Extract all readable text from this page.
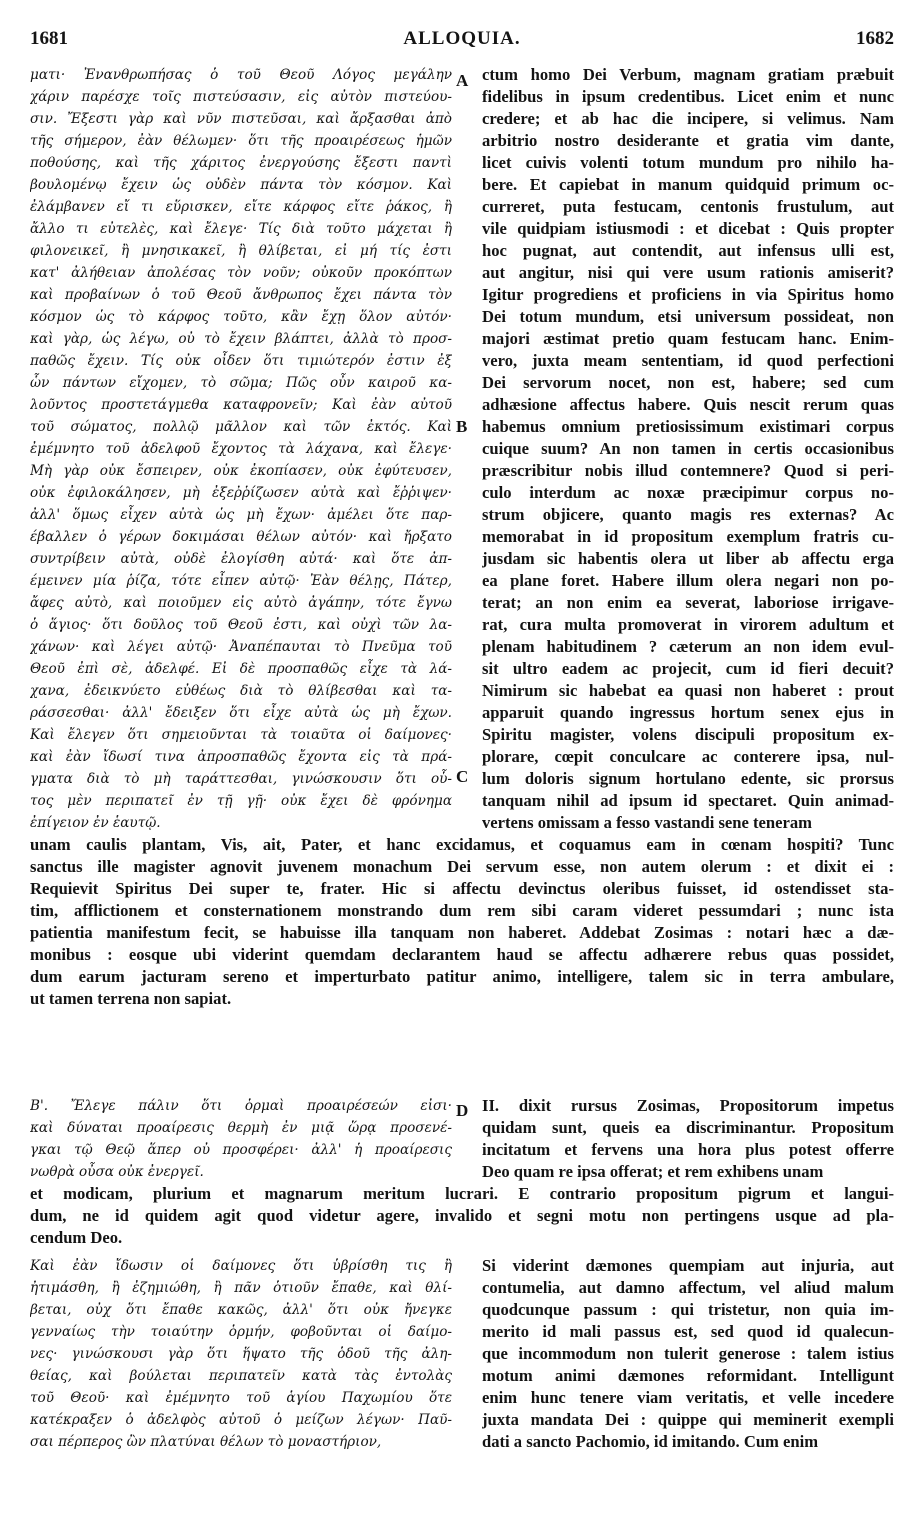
1681	ALLOQUIA.	1682
A
B
C
D
ματι· Ἐνανθρωπήσας ὁ τοῦ Θεοῦ Λόγος μεγάλην
χάριν παρέσχε τοῖς πιστεύσασιν, εἰς αὐτὸν πιστεύου-
σιν. Ἔξεστι γὰρ καὶ νῦν πιστεῦσαι, καὶ ἄρξασθαι ἀπὸ
τῆς σήμερον, ἐὰν θέλωμεν· ὅτι τῆς προαιρέσεως ἡμῶν
ποθούσης, καὶ τῆς χάριτος ἐνεργούσης ἔξεστι παντὶ
βουλομένῳ ἔχειν ὡς οὐδὲν πάντα τὸν κόσμον. Καὶ
ἐλάμβανεν εἴ τι εὕρισκεν, εἴτε κάρφος εἴτε ῥάκος, ἢ
ἄλλο τι εὐτελὲς, καὶ ἔλεγε· Τίς διὰ τοῦτο μάχεται ἢ
φιλονεικεῖ, ἢ μνησικακεῖ, ἢ θλίβεται, εἰ μή τίς ἐστι
κατ' ἀλήθειαν ἀπολέσας τὸν νοῦν; οὐκοῦν προκόπτων
καὶ προβαίνων ὁ τοῦ Θεοῦ ἄνθρωπος ἔχει πάντα τὸν
κόσμον ὡς τὸ κάρφος τοῦτο, κἂν ἔχῃ ὅλον αὐτόν·
καὶ γὰρ, ὡς λέγω, οὐ τὸ ἔχειν βλάπτει, ἀλλὰ τὸ προσ-
παθῶς ἔχειν. Τίς οὐκ οἶδεν ὅτι τιμιώτερόν ἐστιν ἐξ
ὧν πάντων εἴχομεν, τὸ σῶμα; Πῶς οὖν καιροῦ κα-
λοῦντος προστετάγμεθα καταφρονεῖν; Καὶ ἐὰν αὐτοῦ
τοῦ σώματος, πολλῷ μᾶλλον καὶ τῶν ἐκτός. Καὶ
ἐμέμνητο τοῦ ἀδελφοῦ ἔχοντος τὰ λάχανα, καὶ ἔλεγε·
Μὴ γὰρ οὐκ ἔσπειρεν, οὐκ ἐκοπίασεν, οὐκ ἐφύτευσεν,
οὐκ ἐφιλοκάλησεν, μὴ ἐξεῤῥίζωσεν αὐτὰ καὶ ἔῤῥιψεν·
ἀλλ' ὅμως εἶχεν αὐτὰ ὡς μὴ ἔχων· ἀμέλει ὅτε παρ-
έβαλλεν ὁ γέρων δοκιμάσαι θέλων αὐτόν· καὶ ἤρξατο
συντρίβειν αὐτὰ, οὐδὲ ἐλογίσθη αὐτά· καὶ ὅτε ἀπ-
έμεινεν μία ῥίζα, τότε εἶπεν αὐτῷ· Ἐὰν θέλῃς, Πάτερ,
ἄφες αὐτὸ, καὶ ποιοῦμεν εἰς αὐτὸ ἀγάπην, τότε ἔγνω
ὁ ἅγιος· ὅτι δοῦλος τοῦ Θεοῦ ἐστι, καὶ οὐχὶ τῶν λα-
χάνων· καὶ λέγει αὐτῷ· Ἀναπέπαυται τὸ Πνεῦμα τοῦ
Θεοῦ ἐπὶ σὲ, ἀδελφέ. Εἰ δὲ προσπαθῶς εἶχε τὰ λά-
χανα, ἐδεικνύετο εὐθέως διὰ τὸ θλίβεσθαι καὶ τα-
ράσσεσθαι· ἀλλ' ἔδειξεν ὅτι εἶχε αὐτὰ ὡς μὴ ἔχων.
Καὶ ἔλεγεν ὅτι σημειοῦνται τὰ τοιαῦτα οἱ δαίμονες·
καὶ ἐὰν ἴδωσί τινα ἀπροσπαθῶς ἔχοντα εἰς τὰ πρά-
γματα διὰ τὸ μὴ ταράττεσθαι, γινώσκουσιν ὅτι οὗ-
τος μὲν περιπατεῖ ἐν τῇ γῇ· οὐκ ἔχει δὲ φρόνημα
ἐπίγειον ἐν ἑαυτῷ.
ctum homo Dei Verbum, magnam gratiam præbuit
fidelibus in ipsum credentibus. Licet enim et nunc
credere; et ab hac die incipere, si velimus. Nam
arbitrio nostro desiderante et gratia vim dante,
licet cuivis volenti totum mundum pro nihilo ha-
bere. Et capiebat in manum quidquid primum oc-
curreret, puta festucam, centonis frustulum, aut
vile quidpiam istiusmodi : et dicebat : Quis propter
hoc pugnat, aut contendit, aut infensus ulli est,
aut angitur, nisi qui vere usum rationis amiserit?
Igitur progrediens et proficiens in via Spiritus homo
Dei totum mundum, etsi universum possideat, non
majori æstimat pretio quam festucam hanc. Enim-
vero, juxta meam sententiam, id quod perfectioni
Dei servorum nocet, non est, habere; sed cum
adhæsione affectus habere. Quis nescit rerum quas
habemus omnium pretiosissimum existimari corpus
cuique suum? An non tamen in certis occasionibus
præscribitur nobis illud contemnere? Quod si peri-
culo interdum ac noxæ præcipimur corpus no-
strum objicere, quanto magis res externas? Ac
memorabat in id propositum exemplum fratris cu-
jusdam sic habentis olera ut liber ab affectu erga
ea plane foret. Habere illum olera negari non po-
terat; an non enim ea severat, laboriose irrigave-
rat, cura multa promoverat in virorem adultum et
plenam habitudinem ? cæterum an non idem evul-
sit ultro eadem ac projecit, cum id fieri decuit?
Nimirum sic habebat ea quasi non haberet : prout
apparuit quando ingressus hortum senex ejus in
Spiritu magister, volens discipuli propositum ex-
plorare, cœpit conculcare ac conterere ipsa, nul-
lum doloris signum hortulano edente, sic prorsus
tanquam nihil ad ipsum id spectaret. Quin animad-
vertens omissam a fesso vastandi sene teneram
unam caulis plantam, Vis, ait, Pater, et hanc excidamus, et coquamus eam in cœnam hospiti? Tunc
sanctus ille magister agnovit juvenem monachum Dei servum esse, non autem olerum : et dixit ei :
Requievit Spiritus Dei super te, frater. Hic si affectu devinctus oleribus fuisset, id ostendisset sta-
tim, afflictionem et consternationem monstrando dum rem sibi caram videret pessumdari ; nunc ista
patientia manifestum fecit, se habuisse illa tanquam non haberet. Addebat Zosimas : notari hæc a dæ-
monibus : eosque ubi viderint quemdam declarantem haud se affectu adhærere rebus quas possidet,
dum earum jacturam sereno et imperturbato patitur animo, intelligere, talem sic in terra ambulare,
ut tamen terrena non sapiat.
Β'. Ἔλεγε πάλιν ὅτι ὁρμαὶ προαιρέσεών εἰσι·
καὶ δύναται προαίρεσις θερμὴ ἐν μιᾷ ὥρᾳ προσενέ-
γκαι τῷ Θεῷ ἅπερ οὐ προσφέρει· ἀλλ' ἡ προαίρεσις
νωθρὰ οὖσα οὐκ ἐνεργεῖ.
II. dixit rursus Zosimas, Propositorum impetus
quidam sunt, queis ea discriminantur. Propositum
incitatum et fervens una hora plus potest offerre
Deo quam re ipsa offerat; et rem exhibens unam
et modicam, plurium et magnarum meritum lucrari. E contrario propositum pigrum et langui-
dum, ne id quidem agit quod videtur agere, invalido et segni motu non pertingens usque ad pla-
cendum Deo.
Καὶ ἐὰν ἴδωσιν οἱ δαίμονες ὅτι ὑβρίσθη τις ἢ
ἠτιμάσθη, ἢ ἐζημιώθη, ἢ πᾶν ὁτιοῦν ἔπαθε, καὶ θλί-
βεται, οὐχ ὅτι ἔπαθε κακῶς, ἀλλ' ὅτι οὐκ ἤνεγκε
γενναίως τὴν τοιαύτην ὁρμήν, φοβοῦνται οἱ δαίμο-
νες· γινώσκουσι γὰρ ὅτι ἥψατο τῆς ὁδοῦ τῆς ἀλη-
θείας, καὶ βούλεται περιπατεῖν κατὰ τὰς ἐντολὰς
τοῦ Θεοῦ· καὶ ἐμέμνητο τοῦ ἁγίου Παχωμίου ὅτε
κατέκραξεν ὁ ἀδελφὸς αὐτοῦ ὁ μείζων λέγων· Παῦ-
σαι πέρπερος ὢν πλατύναι θέλων τὸ μοναστήριον,
Si viderint dæmones quempiam aut injuria, aut
contumelia, aut damno affectum, vel aliud malum
quodcunque passum : qui tristetur, non quia im-
merito id mali passus est, sed quod id qualecun-
que incommodum non tulerit generose : talem istius
motum animi dæmones reformidant. Intelligunt
enim hunc tenere viam veritatis, et velle incedere
juxta mandata Dei : quippe qui meminerit exempli
dati a sancto Pachomio, id imitando. Cum enim
